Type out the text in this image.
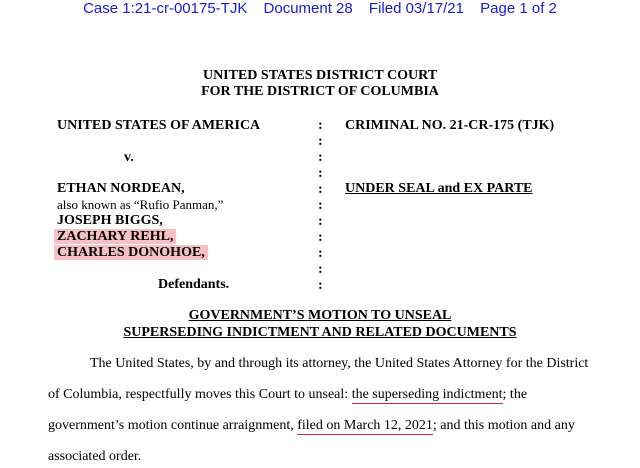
Case 1:21-cr-00175-TJK Document 28 Filed 03/17/21 Page 1 of 2
UNITED STATES DISTRICT COURT
FOR THE DISTRICT OF COLUMBIA
UNITED STATES OF AMERICA
v.
ETHAN NORDEAN,
also known as “Rufio Panman,”
JOSEPH BIGGS,
ZACHARY REHL,
CHARLES DONOHOE,
Defendants.
:
:
:
:
:
:
:
:
:
:
:
CRIMINAL NO. 21-CR-175 (TJK)
UNDER SEAL and EX PARTE
GOVERNMENT’S MOTION TO UNSEAL
SUPERSEDING INDICTMENT AND RELATED DOCUMENTS
The United States, by and through its attorney, the United States Attorney for the District
of Columbia, respectfully moves this Court to unseal: the superseding indictment; the
government’s motion continue arraignment, filed on March 12, 2021; and this motion and any
associated order.
